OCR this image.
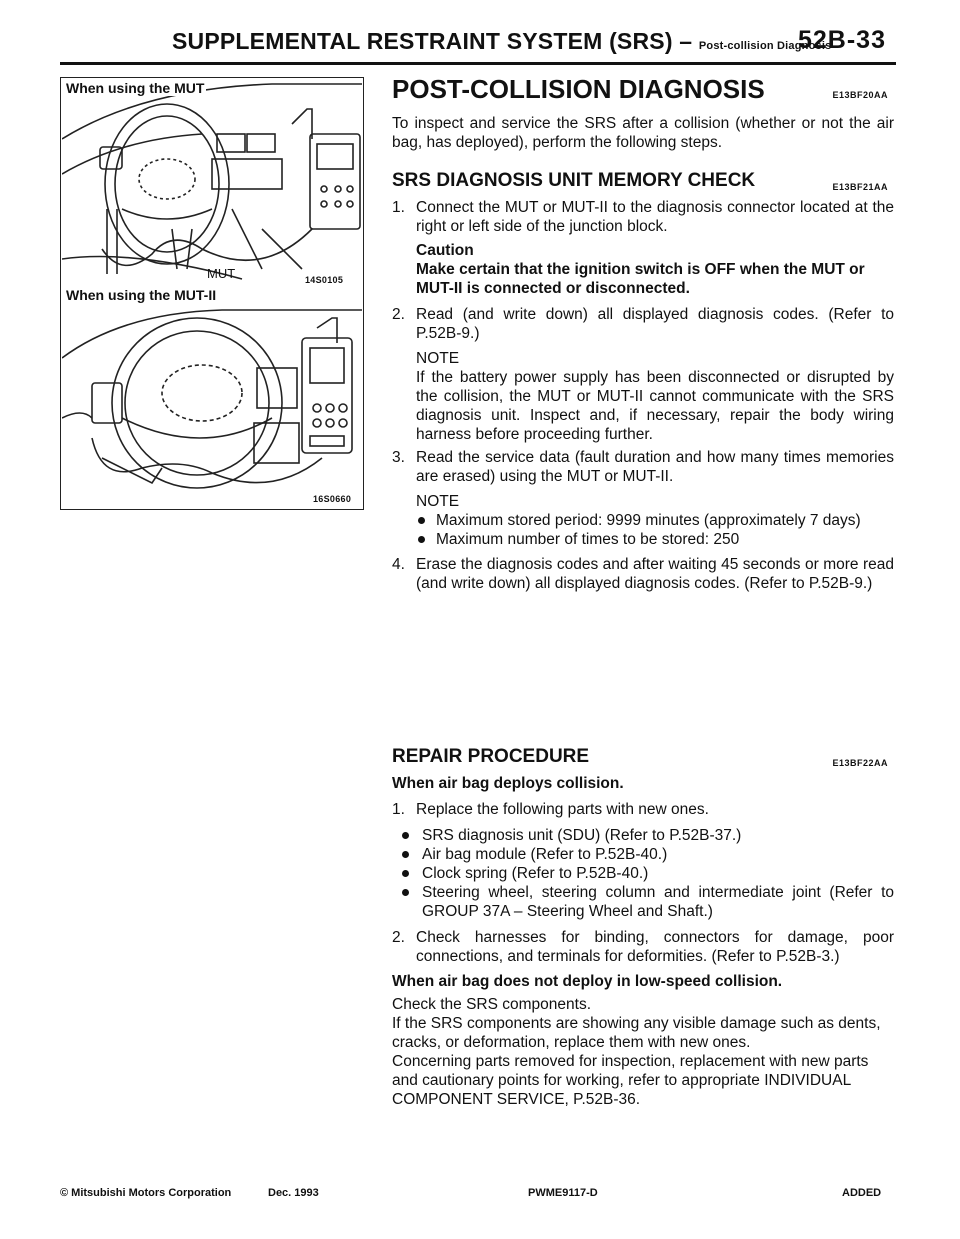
SUPPLEMENTAL RESTRAINT SYSTEM (SRS) – Post-collision Diagnosis
52B-33
When using the MUT
MUT	14S0105
When using the MUT-II
16S0660
POST-COLLISION DIAGNOSIS	E13BF20AA

To inspect and service the SRS after a collision (whether or not the air bag, has deployed), perform the following steps.

SRS DIAGNOSIS UNIT MEMORY CHECK	E13BF21AA
1. Connect the MUT or MUT-II to the diagnosis connector located at the right or left side of the junction block.
Caution
Make certain that the ignition switch is OFF when the MUT or MUT-II is connected or disconnected.
2. Read (and write down) all displayed diagnosis codes. (Refer to P.52B-9.)
NOTE
If the battery power supply has been disconnected or disrupted by the collision, the MUT or MUT-II cannot communicate with the SRS diagnosis unit. Inspect and, if necessary, repair the body wiring harness before proceeding further.
3. Read the service data (fault duration and how many times memories are erased) using the MUT or MUT-II.
NOTE
Maximum stored period: 9999 minutes (approximately 7 days)
Maximum number of times to be stored: 250
4. Erase the diagnosis codes and after waiting 45 seconds or more read (and write down) all displayed diagnosis codes. (Refer to P.52B-9.)
REPAIR PROCEDURE	E13BF22AA

When air bag deploys collision.

1. Replace the following parts with new ones.
SRS diagnosis unit (SDU) (Refer to P.52B-37.)
Air bag module (Refer to P.52B-40.)
Clock spring (Refer to P.52B-40.)
Steering wheel, steering column and intermediate joint (Refer to GROUP 37A – Steering Wheel and Shaft.)
2. Check harnesses for binding, connectors for damage, poor connections, and terminals for deformities. (Refer to P.52B-3.)

When air bag does not deploy in low-speed collision.

Check the SRS components.

If the SRS components are showing any visible damage such as dents, cracks, or deformation, replace them with new ones.

Concerning parts removed for inspection, replacement with new parts and cautionary points for working, refer to appropriate INDIVIDUAL COMPONENT SERVICE, P.52B-36.

© Mitsubishi Motors Corporation	Dec. 1993	PWME9117-D	ADDED
